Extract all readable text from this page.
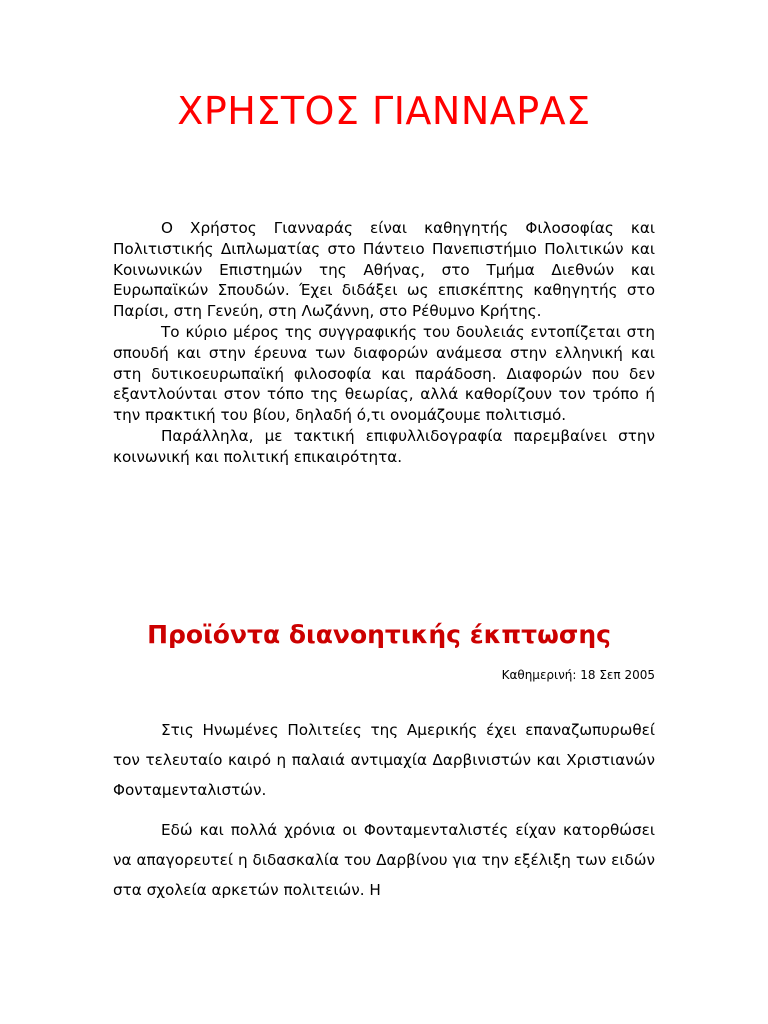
ΧΡΗΣΤΟΣ ΓΙΑΝΝΑΡΑΣ

Ο Χρήστος Γιανναράς είναι καθηγητής Φιλοσοφίας και Πολιτιστικής Διπλωματίας στο Πάντειο Πανεπιστήμιο Πολιτικών και Κοινωνικών Επιστημών της Αθήνας, στο Τμήμα Διεθνών και Ευρωπαϊκών Σπουδών. Έχει διδάξει ως επισκέπτης καθηγητής στο Παρίσι, στη Γενεύη, στη Λωζάννη, στο Ρέθυμνο Κρήτης.

Το κύριο μέρος της συγγραφικής του δουλειάς εντοπίζεται στη σπουδή και στην έρευνα των διαφορών ανάμεσα στην ελληνική και στη δυτικοευρωπαϊκή φιλοσοφία και παράδοση. Διαφορών που δεν εξαντλούνται στον τόπο της θεωρίας, αλλά καθορίζουν τον τρόπο ή την πρακτική του βίου, δηλαδή ό,τι ονομάζουμε πολιτισμό.

Παράλληλα, με τακτική επιφυλλιδογραφία παρεμβαίνει στην κοινωνική και πολιτική επικαιρότητα.

Προϊόντα διανοητικής έκπτωσης
Καθημερινή: 18 Σεπ 2005

Στις Ηνωμένες Πολιτείες της Αμερικής έχει επαναζωπυρωθεί τον τελευταίο καιρό η παλαιά αντιμαχία Δαρβινιστών και Χριστιανών Φονταμενταλιστών.

Εδώ και πολλά χρόνια οι Φονταμενταλιστές είχαν κατορθώσει να απαγορευτεί η διδασκαλία του Δαρβίνου για την εξέλιξη των ειδών στα σχολεία αρκετών πολιτειών. Η
